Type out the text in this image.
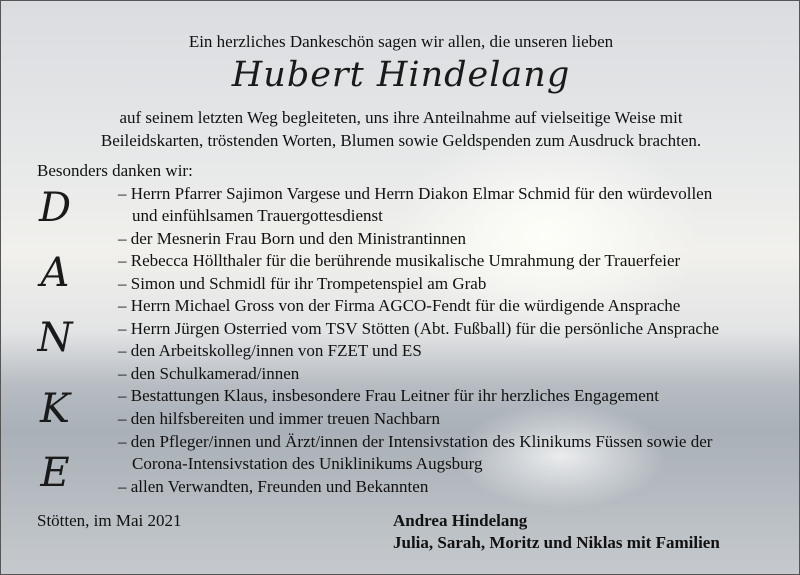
Ein herzliches Dankeschön sagen wir allen, die unseren lieben
Hubert Hindelang
auf seinem letzten Weg begleiteten, uns ihre Anteilnahme auf vielseitige Weise mit
Beileidskarten, tröstenden Worten, Blumen sowie Geldspenden zum Ausdruck brachten.
Besonders danken wir:
D
A
N
K
E
– Herrn Pfarrer Sajimon Vargese und Herrn Diakon Elmar Schmid für den würdevollen
und einfühlsamen Trauergottesdienst
– der Mesnerin Frau Born und den Ministrantinnen
– Rebecca Höllthaler für die berührende musikalische Umrahmung der Trauerfeier
– Simon und Schmidl für ihr Trompetenspiel am Grab
– Herrn Michael Gross von der Firma AGCO-Fendt für die würdigende Ansprache
– Herrn Jürgen Osterried vom TSV Stötten (Abt. Fußball) für die persönliche Ansprache
– den Arbeitskolleg/innen von FZET und ES
– den Schulkamerad/innen
– Bestattungen Klaus, insbesondere Frau Leitner für ihr herzliches Engagement
– den hilfsbereiten und immer treuen Nachbarn
– den Pfleger/innen und Ärzt/innen der Intensivstation des Klinikums Füssen sowie der
Corona-Intensivstation des Uniklinikums Augsburg
– allen Verwandten, Freunden und Bekannten
Stötten, im Mai 2021	Andrea Hindelang
Julia, Sarah, Moritz und Niklas mit Familien
